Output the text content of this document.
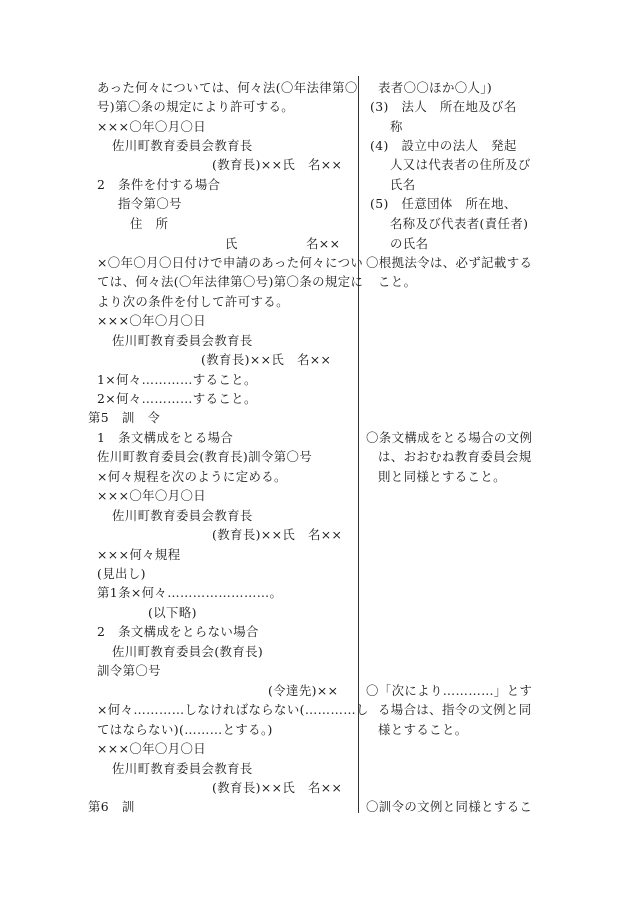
あった何々については、何々法(〇年法律第〇
号)第〇条の規定により許可する。
×××〇年〇月〇日
佐川町教育委員会教育長
(教育長)××氏　名××
2　条件を付する場合
指令第〇号
住　所
氏	名××
×〇年〇月〇日付けで申請のあった何々につい
ては、何々法(〇年法律第〇号)第〇条の規定に
より次の条件を付して許可する。
×××〇年〇月〇日
佐川町教育委員会教育長
(教育長)××氏　名××
1×何々…………すること。
2×何々…………すること。
第5　訓　令
1　条文構成をとる場合
佐川町教育委員会(教育長)訓令第〇号
×何々規程を次のように定める。
×××〇年〇月〇日
佐川町教育委員会教育長
(教育長)××氏　名××
×××何々規程
(見出し)
第1条×何々……………………。
(以下略)
2　条文構成をとらない場合
佐川町教育委員会(教育長)
訓令第〇号
(令達先)××
×何々…………しなければならない(…………し
てはならない)(………とする。)
×××〇年〇月〇日
佐川町教育委員会教育長
(教育長)××氏　名××
第6　訓
表者〇〇ほか〇人」)
(3)　法人　所在地及び名
称
(4)　設立中の法人　発起
人又は代表者の住所及び
氏名
(5)　任意団体　所在地、
名称及び代表者(責任者)
の氏名
〇根拠法令は、必ず記載する
こと。
〇条文構成をとる場合の文例
は、おおむね教育委員会規
則と同様とすること。
〇「次により…………」とす
る場合は、指令の文例と同
様とすること。
〇訓令の文例と同様とするこ
